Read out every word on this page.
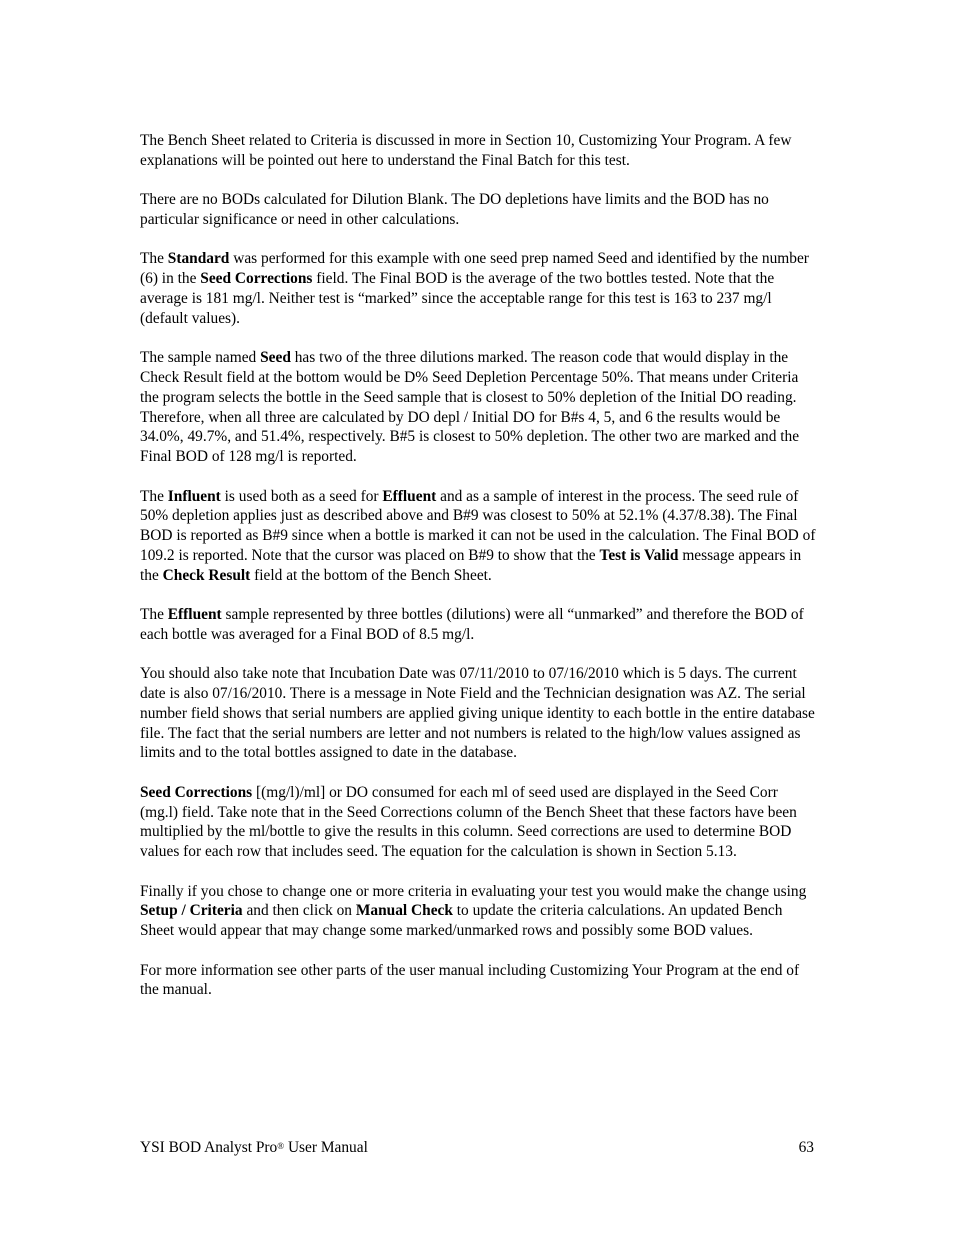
The Bench Sheet related to Criteria is discussed in more in Section 10, Customizing Your Program. A few explanations will be pointed out here to understand the Final Batch for this test.

There are no BODs calculated for Dilution Blank. The DO depletions have limits and the BOD has no particular significance or need in other calculations.

The Standard was performed for this example with one seed prep named Seed and identified by the number (6) in the Seed Corrections field. The Final BOD is the average of the two bottles tested. Note that the average is 181 mg/l. Neither test is “marked” since the acceptable range for this test is 163 to 237 mg/l (default values).

The sample named Seed has two of the three dilutions marked. The reason code that would display in the Check Result field at the bottom would be D% Seed Depletion Percentage 50%. That means under Criteria the program selects the bottle in the Seed sample that is closest to 50% depletion of the Initial DO reading. Therefore, when all three are calculated by DO depl / Initial DO for B#s 4, 5, and 6 the results would be 34.0%, 49.7%, and 51.4%, respectively. B#5 is closest to 50% depletion. The other two are marked and the Final BOD of 128 mg/l is reported.

The Influent is used both as a seed for Effluent and as a sample of interest in the process. The seed rule of 50% depletion applies just as described above and B#9 was closest to 50% at 52.1% (4.37/8.38). The Final BOD is reported as B#9 since when a bottle is marked it can not be used in the calculation. The Final BOD of 109.2 is reported. Note that the cursor was placed on B#9 to show that the Test is Valid message appears in the Check Result field at the bottom of the Bench Sheet.

The Effluent sample represented by three bottles (dilutions) were all “unmarked” and therefore the BOD of each bottle was averaged for a Final BOD of 8.5 mg/l.

You should also take note that Incubation Date was 07/11/2010 to 07/16/2010 which is 5 days. The current date is also 07/16/2010. There is a message in Note Field and the Technician designation was AZ. The serial number field shows that serial numbers are applied giving unique identity to each bottle in the entire database file. The fact that the serial numbers are letter and not numbers is related to the high/low values assigned as limits and to the total bottles assigned to date in the database.

Seed Corrections [(mg/l)/ml] or DO consumed for each ml of seed used are displayed in the Seed Corr (mg.l) field. Take note that in the Seed Corrections column of the Bench Sheet that these factors have been multiplied by the ml/bottle to give the results in this column. Seed corrections are used to determine BOD values for each row that includes seed. The equation for the calculation is shown in Section 5.13.

Finally if you chose to change one or more criteria in evaluating your test you would make the change using Setup / Criteria and then click on Manual Check to update the criteria calculations. An updated Bench Sheet would appear that may change some marked/unmarked rows and possibly some BOD values.

For more information see other parts of the user manual including Customizing Your Program at the end of the manual.

YSI BOD Analyst Pro® User Manual	63
